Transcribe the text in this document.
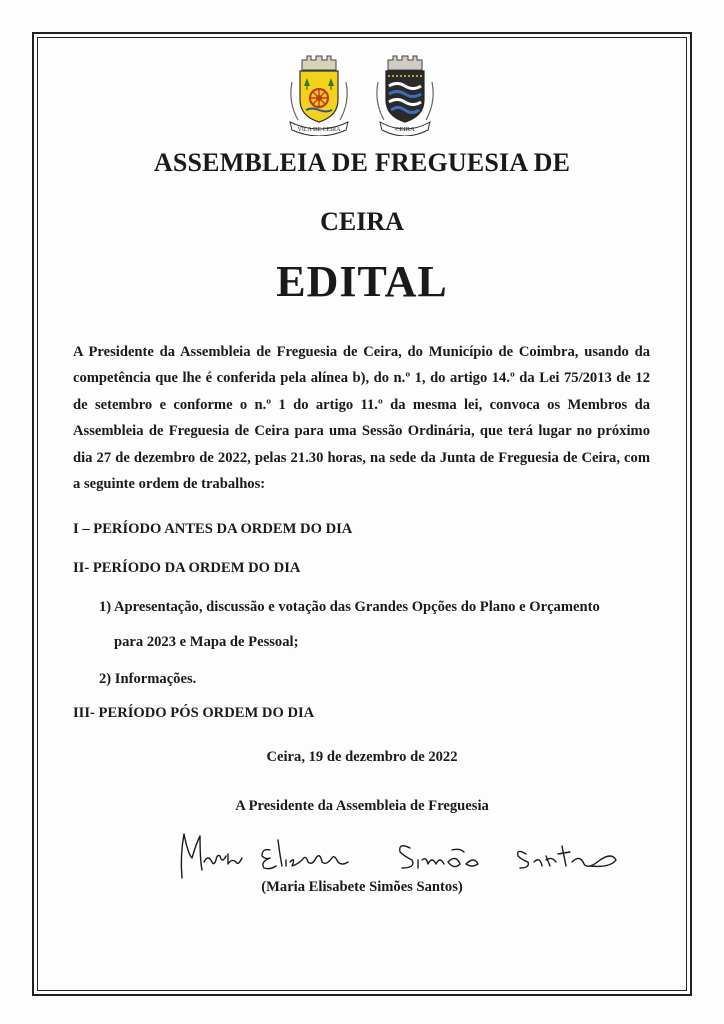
VILA DE CEIRA	CEIRA
ASSEMBLEIA DE FREGUESIA DE
CEIRA
EDITAL
A Presidente da Assembleia de Freguesia de Ceira, do Município de Coimbra, usando da competência que lhe é conferida pela alínea b), do n.º 1, do artigo 14.º da Lei 75/2013 de 12 de setembro e conforme o n.º 1 do artigo 11.º da mesma lei, convoca os Membros da Assembleia de Freguesia de Ceira para uma Sessão Ordinária, que terá lugar no próximo dia 27 de dezembro de 2022, pelas 21.30 horas, na sede da Junta de Freguesia de Ceira, com a seguinte ordem de trabalhos:
I – PERÍODO ANTES DA ORDEM DO DIA
II- PERÍODO DA ORDEM DO DIA
1) Apresentação, discussão e votação das Grandes Opções do Plano e Orçamento
para 2023 e Mapa de Pessoal;
2) Informações.
III- PERÍODO PÓS ORDEM DO DIA
Ceira, 19 de dezembro de 2022
A Presidente da Assembleia de Freguesia
(Maria Elisabete Simões Santos)
